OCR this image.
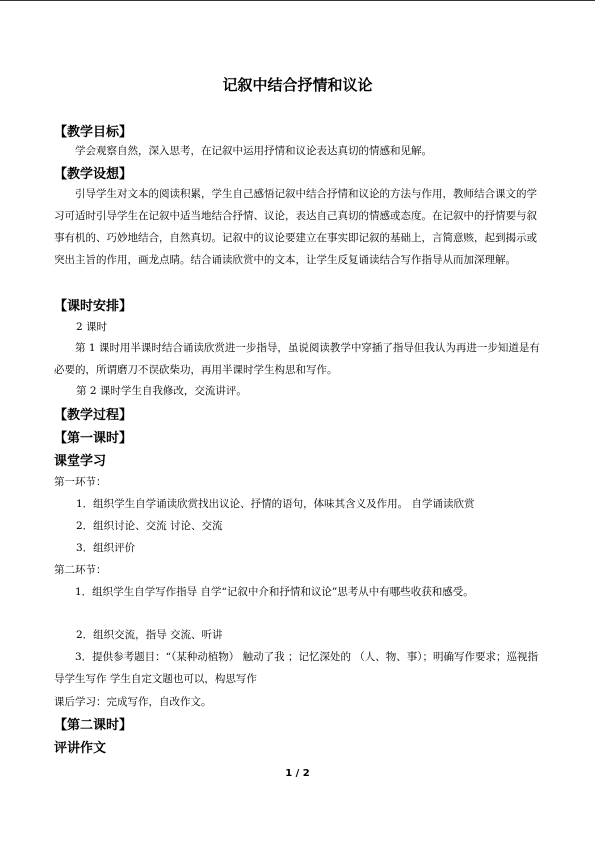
记叙中结合抒情和议论
【教学目标】
学会观察自然，深入思考，在记叙中运用抒情和议论表达真切的情感和见解。
【教学设想】
引导学生对文本的阅读积累，学生自己感悟记叙中结合抒情和议论的方法与作用，教师结合课文的学习可适时引导学生在记叙中适当地结合抒情、议论，表达自己真切的情感或态度。在记叙中的抒情要与叙事有机的、巧妙地结合，自然真切。记叙中的议论要建立在事实即记叙的基础上，言简意赅，起到揭示或突出主旨的作用，画龙点睛。结合诵读欣赏中的文本，让学生反复诵读结合写作指导从而加深理解。
【课时安排】
2 课时
第 1 课时用半课时结合诵读欣赏进一步指导，虽说阅读教学中穿插了指导但我认为再进一步知道是有必要的，所谓磨刀不误砍柴功，再用半课时学生构思和写作。
第 2 课时学生自我修改，交流讲评。
【教学过程】
【第一课时】
课堂学习
第一环节：
1．组织学生自学诵读欣赏找出议论、抒情的语句，体味其含义及作用。 自学诵读欣赏
2．组织讨论、交流 讨论、交流
3．组织评价
第二环节：
1．组织学生自学写作指导 自学“记叙中介和抒情和议论”思考从中有哪些收获和感受。
2．组织交流，指导 交流、听讲
3．提供参考题目：“（某种动植物） 触动了我 ；记忆深处的 （人、物、事）；明确写作要求；巡视指导学生写作 学生自定文题也可以，构思写作
课后学习：完成写作，自改作文。
【第二课时】
评讲作文
1 / 2
